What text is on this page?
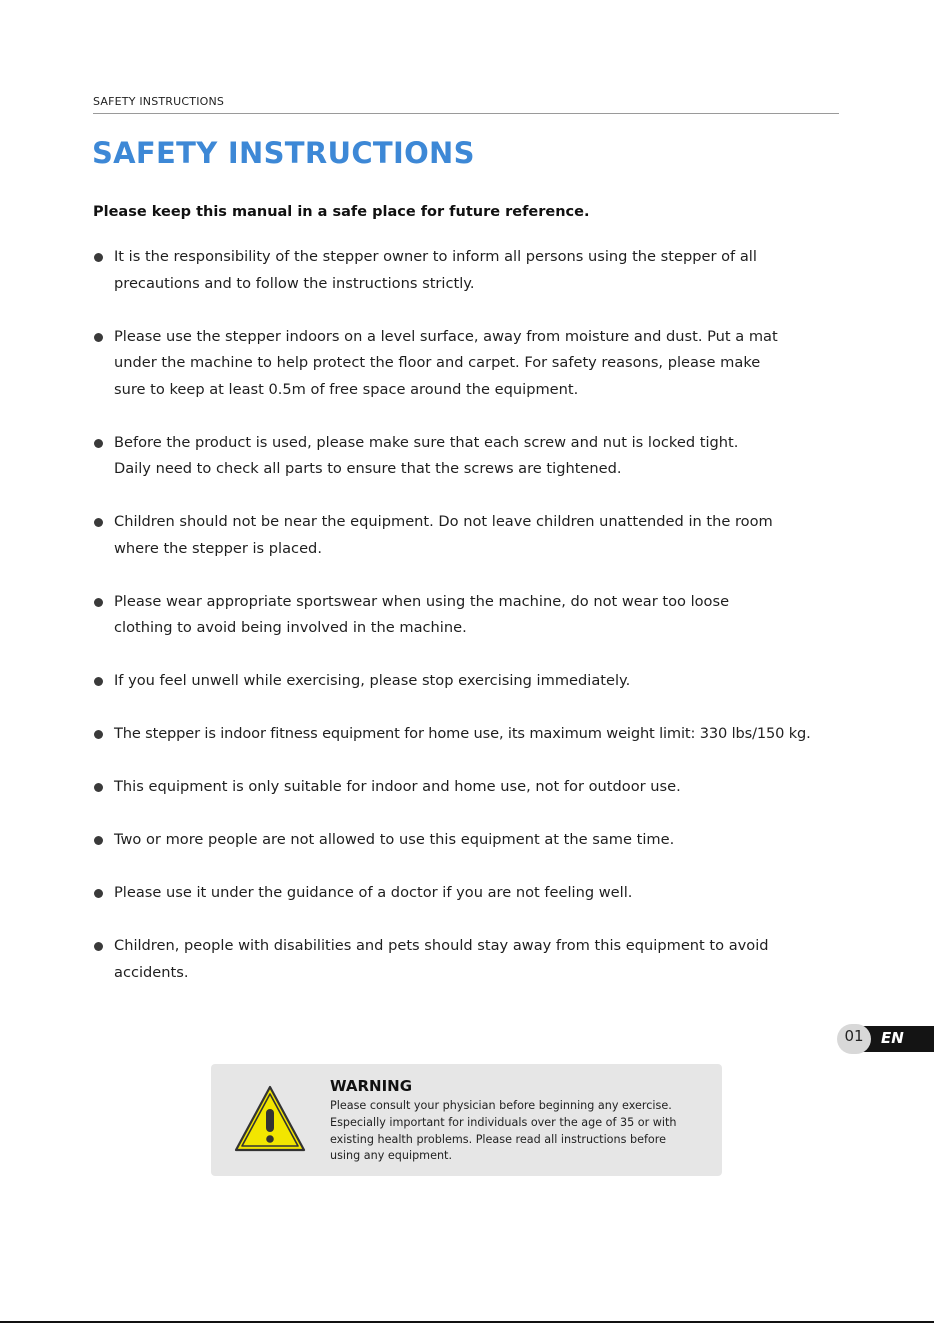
SAFETY INSTRUCTIONS
SAFETY INSTRUCTIONS
Please keep this manual in a safe place for future reference.
It is the responsibility of the stepper owner to inform all persons using the stepper of all
precautions and to follow the instructions strictly.
Please use the stepper indoors on a level surface, away from moisture and dust. Put a mat
under the machine to help protect the floor and carpet. For safety reasons, please make
sure to keep at least 0.5m of free space around the equipment.
Before the product is used, please make sure that each screw and nut is locked tight.
Daily need to check all parts to ensure that the screws are tightened.
Children should not be near the equipment. Do not leave children unattended in the room
where the stepper is placed.
Please wear appropriate sportswear when using the machine, do not wear too loose
clothing to avoid being involved in the machine.
If you feel unwell while exercising, please stop exercising immediately.
The stepper is indoor fitness equipment for home use, its maximum weight limit: 330 lbs/150 kg.
This equipment is only suitable for indoor and home use, not for outdoor use.
Two or more people are not allowed to use this equipment at the same time.
Please use it under the guidance of a doctor if you are not feeling well.
Children, people with disabilities and pets should stay away from this equipment to avoid
accidents.
EN
01
WARNING
Please consult your physician before beginning any exercise.
Especially important for individuals over the age of 35 or with
existing health problems. Please read all instructions before
using any equipment.
